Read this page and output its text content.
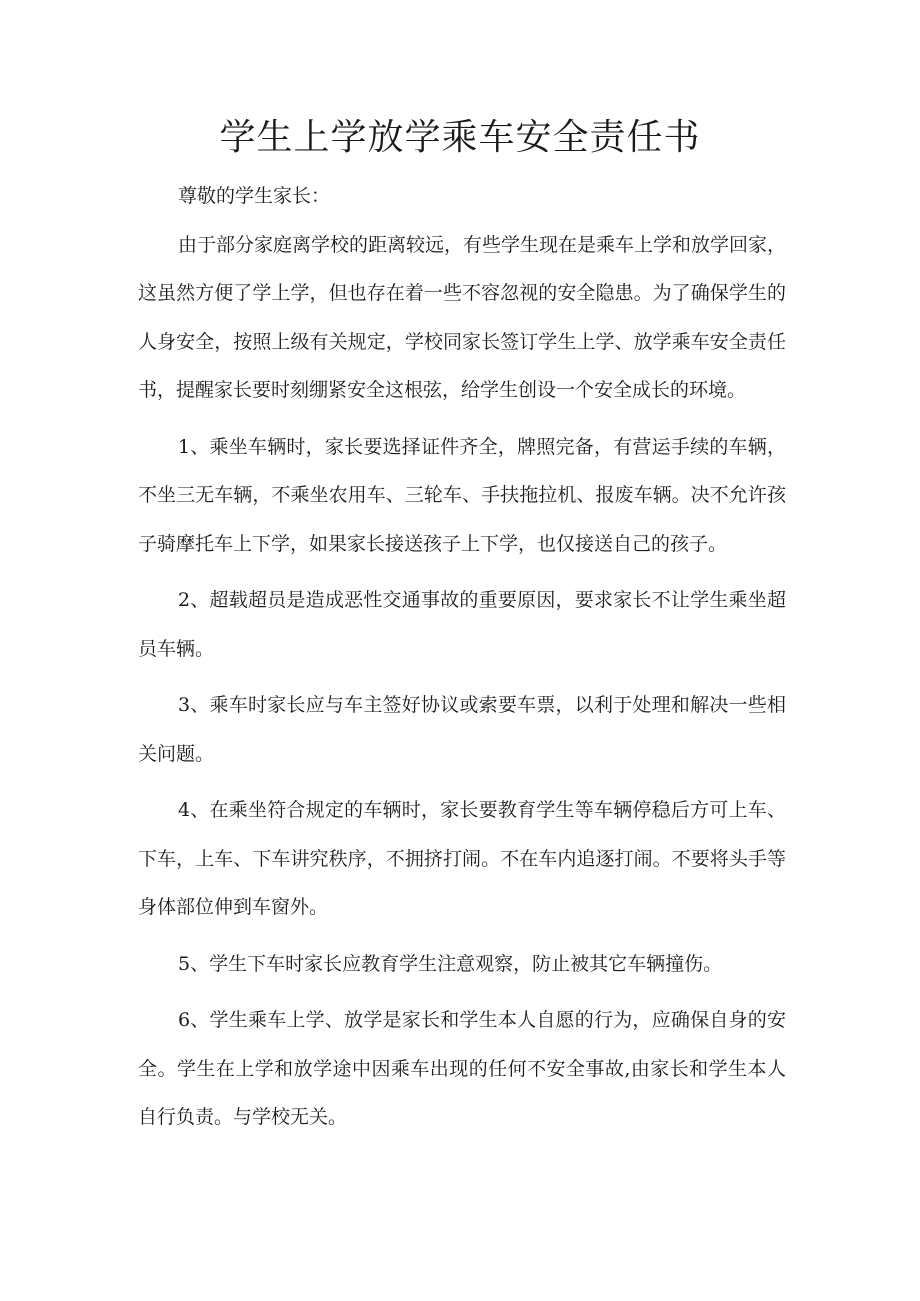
学生上学放学乘车安全责任书

尊敬的学生家长：

由于部分家庭离学校的距离较远，有些学生现在是乘车上学和放学回家，这虽然方便了学上学，但也存在着一些不容忽视的安全隐患。为了确保学生的人身安全，按照上级有关规定，学校同家长签订学生上学、放学乘车安全责任书，提醒家长要时刻绷紧安全这根弦，给学生创设一个安全成长的环境。

1、乘坐车辆时，家长要选择证件齐全，牌照完备，有营运手续的车辆，不坐三无车辆，不乘坐农用车、三轮车、手扶拖拉机、报废车辆。决不允许孩子骑摩托车上下学，如果家长接送孩子上下学，也仅接送自己的孩子。

2、超载超员是造成恶性交通事故的重要原因，要求家长不让学生乘坐超员车辆。

3、乘车时家长应与车主签好协议或索要车票，以利于处理和解决一些相关问题。

4、在乘坐符合规定的车辆时，家长要教育学生等车辆停稳后方可上车、下车，上车、下车讲究秩序，不拥挤打闹。不在车内追逐打闹。不要将头手等身体部位伸到车窗外。

5、学生下车时家长应教育学生注意观察，防止被其它车辆撞伤。

6、学生乘车上学、放学是家长和学生本人自愿的行为，应确保自身的安全。学生在上学和放学途中因乘车出现的任何不安全事故,由家长和学生本人自行负责。与学校无关。
